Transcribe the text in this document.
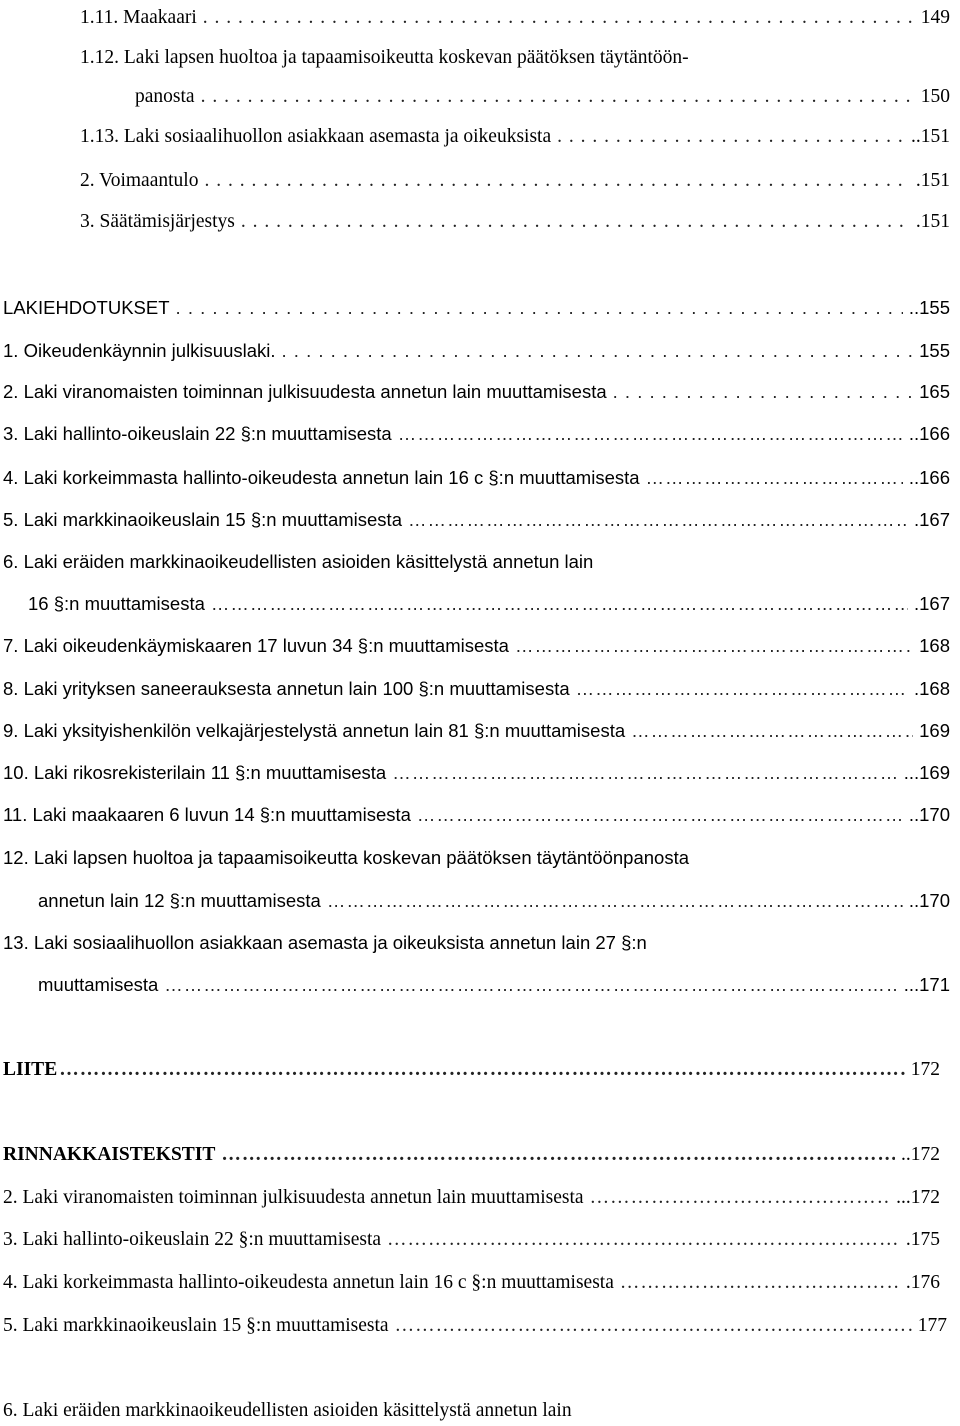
1.11. Maakaari . . .	149
1.12. Laki lapsen huoltoa ja tapaamisoikeutta koskevan päätöksen täytäntöön-
panosta . . .	150
1.13. Laki sosiaalihuollon asiakkaan asemasta ja oikeuksista . . .	..151
2. Voimaantulo . . .	.151
3. Säätämisjärjestys . . .	.151
LAKIEHDOTUKSET . . .	..155
1. Oikeudenkäynnin julkisuuslaki. . . .	155
2. Laki viranomaisten toiminnan julkisuudesta annetun lain muuttamisesta . . .	165
3. Laki hallinto-oikeuslain 22 §:n muuttamisesta ……………………………………………………………………………………………………………………………………………………	..166
4. Laki korkeimmasta hallinto-oikeudesta annetun lain 16 c §:n muuttamisesta ……………………………………………………………………………………………………………………………………………………	..166
5. Laki markkinaoikeuslain 15 §:n muuttamisesta ……………………………………………………………………………………………………………………………………………………	.167
6. Laki eräiden markkinaoikeudellisten asioiden käsittelystä annetun lain
16 §:n muuttamisesta ……………………………………………………………………………………………………………………………………………………	.167
7. Laki oikeudenkäymiskaaren 17 luvun 34 §:n muuttamisesta ……………………………………………………………………………………………………………………………………………………	168
8. Laki yrityksen saneerauksesta annetun lain 100 §:n muuttamisesta ……………………………………………………………………………………………………………………………………………………	.168
9. Laki yksityishenkilön velkajärjestelystä annetun lain 81 §:n muuttamisesta ……………………………………………………………………………………………………………………………………………………	169
10. Laki rikosrekisterilain 11 §:n muuttamisesta ……………………………………………………………………………………………………………………………………………………	...169
11. Laki maakaaren 6 luvun 14 §:n muuttamisesta ……………………………………………………………………………………………………………………………………………………	..170
12. Laki lapsen huoltoa ja tapaamisoikeutta koskevan päätöksen täytäntöönpanosta
annetun lain 12 §:n muuttamisesta ……………………………………………………………………………………………………………………………………………………	..170
13. Laki sosiaalihuollon asiakkaan asemasta ja oikeuksista annetun lain 27 §:n
muuttamisesta ……………………………………………………………………………………………………………………………………………………	...171
LIITE ……………………………………………………………………………………………………………………………………………………	172
RINNAKKAISTEKSTIT ……………………………………………………………………………………………………………………………………………………	..172
2. Laki viranomaisten toiminnan julkisuudesta annetun lain muuttamisesta ……………………………………………………………………………………………………………………………………………………	...172
3. Laki hallinto-oikeuslain 22 §:n muuttamisesta ……………………………………………………………………………………………………………………………………………………	.175
4. Laki korkeimmasta hallinto-oikeudesta annetun lain 16 c §:n muuttamisesta ……………………………………………………………………………………………………………………………………………………	.176
5. Laki markkinaoikeuslain 15 §:n muuttamisesta ……………………………………………………………………………………………………………………………………………………	177
6. Laki eräiden markkinaoikeudellisten asioiden käsittelystä annetun lain
